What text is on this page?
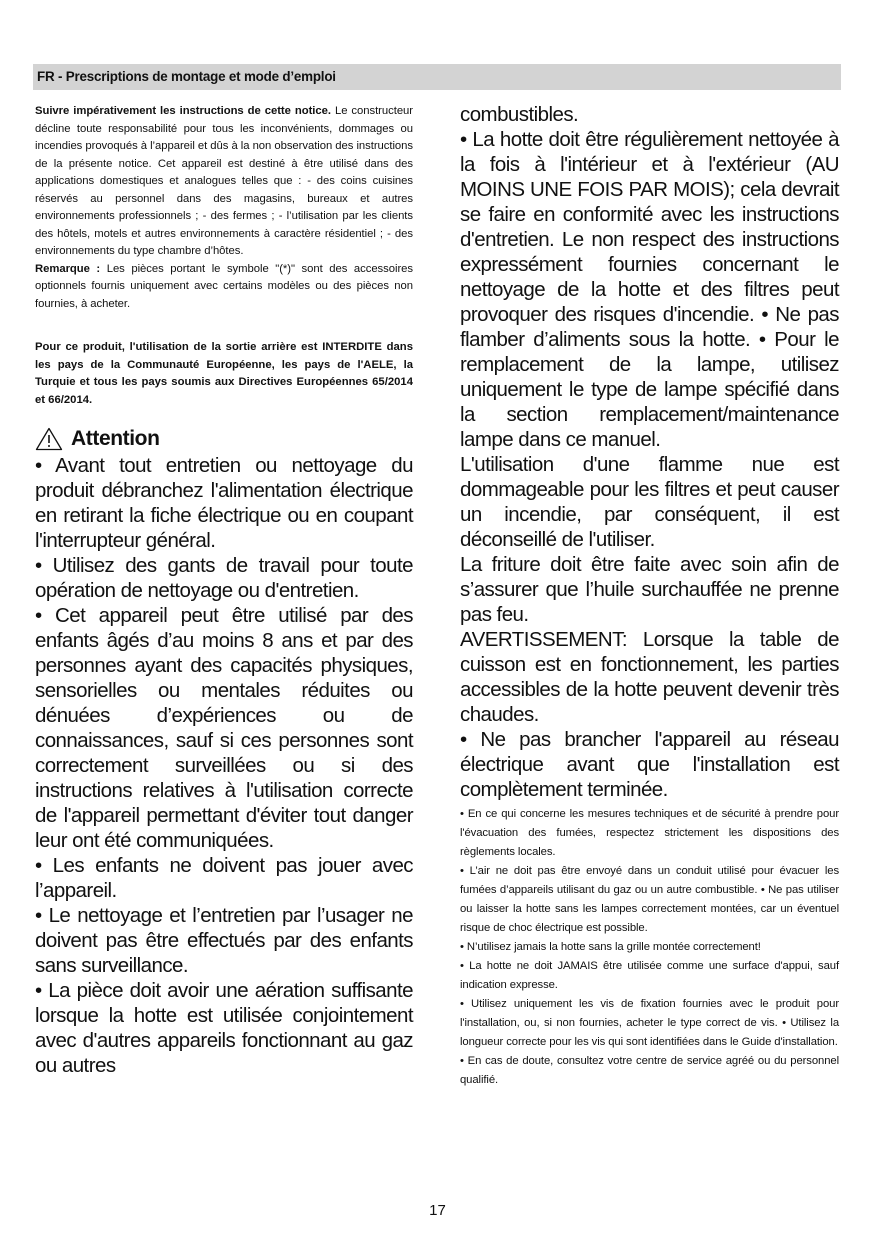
FR - Prescriptions de montage et mode d’emploi

Suivre impérativement les instructions de cette notice. Le constructeur décline toute responsabilité pour tous les inconvénients, dommages ou incendies provoqués à l’appareil et dûs à la non observation des instructions de la présente notice. Cet appareil est destiné à être utilisé dans des applications domestiques et analogues telles que : - des coins cuisines réservés au personnel dans des magasins, bureaux et autres environnements professionnels ; - des fermes ; - l’utilisation par les clients des hôtels, motels et autres environnements à caractère résidentiel ; - des environnements du type chambre d’hôtes.

Remarque : Les pièces portant le symbole "(*)" sont des accessoires optionnels fournis uniquement avec certains modèles ou des pièces non fournies, à acheter.

Pour ce produit, l'utilisation de la sortie arrière est INTERDITE dans les pays de la Communauté Européenne, les pays de l'AELE, la Turquie et tous les pays soumis aux Directives Européennes 65/2014 et 66/2014.

Attention

• Avant tout entretien ou nettoyage du produit débranchez l'alimentation électrique en retirant la fiche électrique ou en coupant l'interrupteur général.

• Utilisez des gants de travail pour toute opération de nettoyage ou d'entretien.

• Cet appareil peut être utilisé par des enfants âgés d’au moins 8 ans et par des personnes ayant des capacités physiques, sensorielles ou mentales réduites ou dénuées d’expériences ou de connaissances, sauf si ces personnes sont correctement surveillées ou si des instructions relatives à l'utilisation correcte de l'appareil permettant d'éviter tout danger leur ont été communiquées.

• Les enfants ne doivent pas jouer avec l’appareil.

• Le nettoyage et l’entretien par l’usager ne doivent pas être effectués par des enfants sans surveillance.

• La pièce doit avoir une aération suffisante lorsque la hotte est utilisée conjointement avec d'autres appareils fonctionnant au gaz ou autres

combustibles.

• La hotte doit être régulièrement nettoyée à la fois à l'intérieur et à l'extérieur (AU MOINS UNE FOIS PAR MOIS); cela devrait se faire en conformité avec les instructions d'entretien. Le non respect des instructions expressément fournies concernant le nettoyage de la hotte et des filtres peut provoquer des risques d'incendie. • Ne pas flamber d’aliments sous la hotte. • Pour le remplacement de la lampe, utilisez uniquement le type de lampe spécifié dans la section remplacement/maintenance lampe dans ce manuel.

L'utilisation d'une flamme nue est dommageable pour les filtres et peut causer un incendie, par conséquent, il est déconseillé de l'utiliser.

La friture doit être faite avec soin afin de s’assurer que l’huile surchauffée ne prenne pas feu.

AVERTISSEMENT: Lorsque la table de cuisson est en fonctionnement, les parties accessibles de la hotte peuvent devenir très chaudes.

• Ne pas brancher l'appareil au réseau électrique avant que l'installation est complètement terminée.

• En ce qui concerne les mesures techniques et de sécurité à prendre pour l'évacuation des fumées, respectez strictement les dispositions des règlements locales.

• L’air ne doit pas être envoyé dans un conduit utilisé pour évacuer les fumées d’appareils utilisant du gaz ou un autre combustible. • Ne pas utiliser ou laisser la hotte sans les lampes correctement montées, car un éventuel risque de choc électrique est possible.

• N’utilisez jamais la hotte sans la grille montée correctement!

• La hotte ne doit JAMAIS être utilisée comme une surface d'appui, sauf indication expresse.

• Utilisez uniquement les vis de fixation fournies avec le produit pour l'installation, ou, si non fournies, acheter le type correct de vis. • Utilisez la longueur correcte pour les vis qui sont identifiées dans le Guide d'installation.

• En cas de doute, consultez votre centre de service agréé ou du personnel qualifié.

17
